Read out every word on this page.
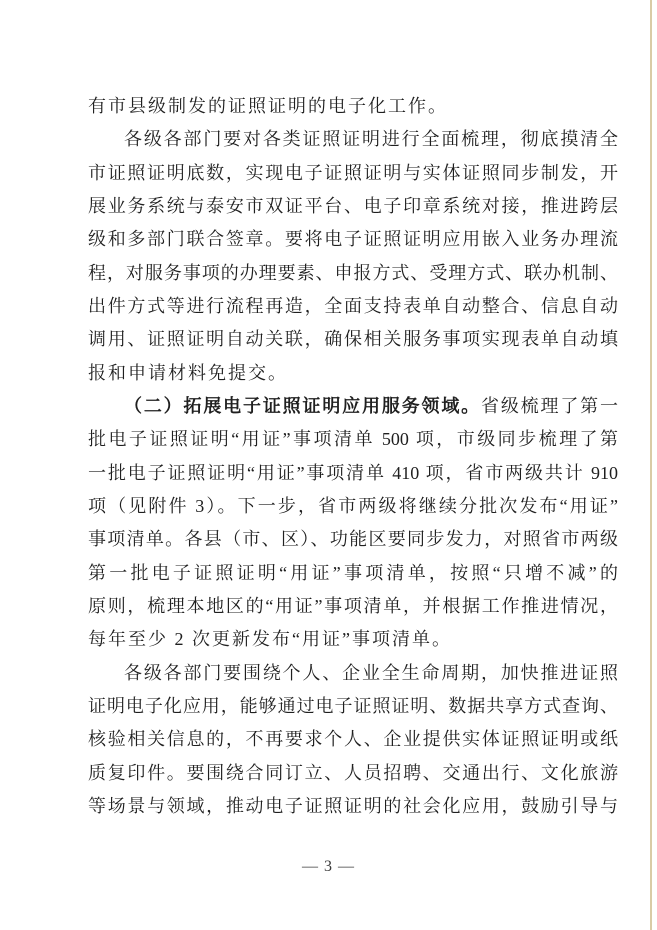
有市县级制发的证照证明的电子化工作。
各级各部门要对各类证照证明进行全面梳理，彻底摸清全
市证照证明底数，实现电子证照证明与实体证照同步制发，开
展业务系统与泰安市双证平台、电子印章系统对接，推进跨层
级和多部门联合签章。要将电子证照证明应用嵌入业务办理流
程，对服务事项的办理要素、申报方式、受理方式、联办机制、
出件方式等进行流程再造，全面支持表单自动整合、信息自动
调用、证照证明自动关联，确保相关服务事项实现表单自动填
报和申请材料免提交。
（二）拓展电子证照证明应用服务领域。省级梳理了第一
批电子证照证明“用证”事项清单 500 项，市级同步梳理了第
一批电子证照证明“用证”事项清单 410 项，省市两级共计 910
项（见附件 3）。下一步，省市两级将继续分批次发布“用证”
事项清单。各县（市、区）、功能区要同步发力，对照省市两级
第一批电子证照证明“用证”事项清单，按照“只增不减”的
原则，梳理本地区的“用证”事项清单，并根据工作推进情况，
每年至少 2 次更新发布“用证”事项清单。
各级各部门要围绕个人、企业全生命周期，加快推进证照
证明电子化应用，能够通过电子证照证明、数据共享方式查询、
核验相关信息的，不再要求个人、企业提供实体证照证明或纸
质复印件。要围绕合同订立、人员招聘、交通出行、文化旅游
等场景与领域，推动电子证照证明的社会化应用，鼓励引导与
— 3 —
